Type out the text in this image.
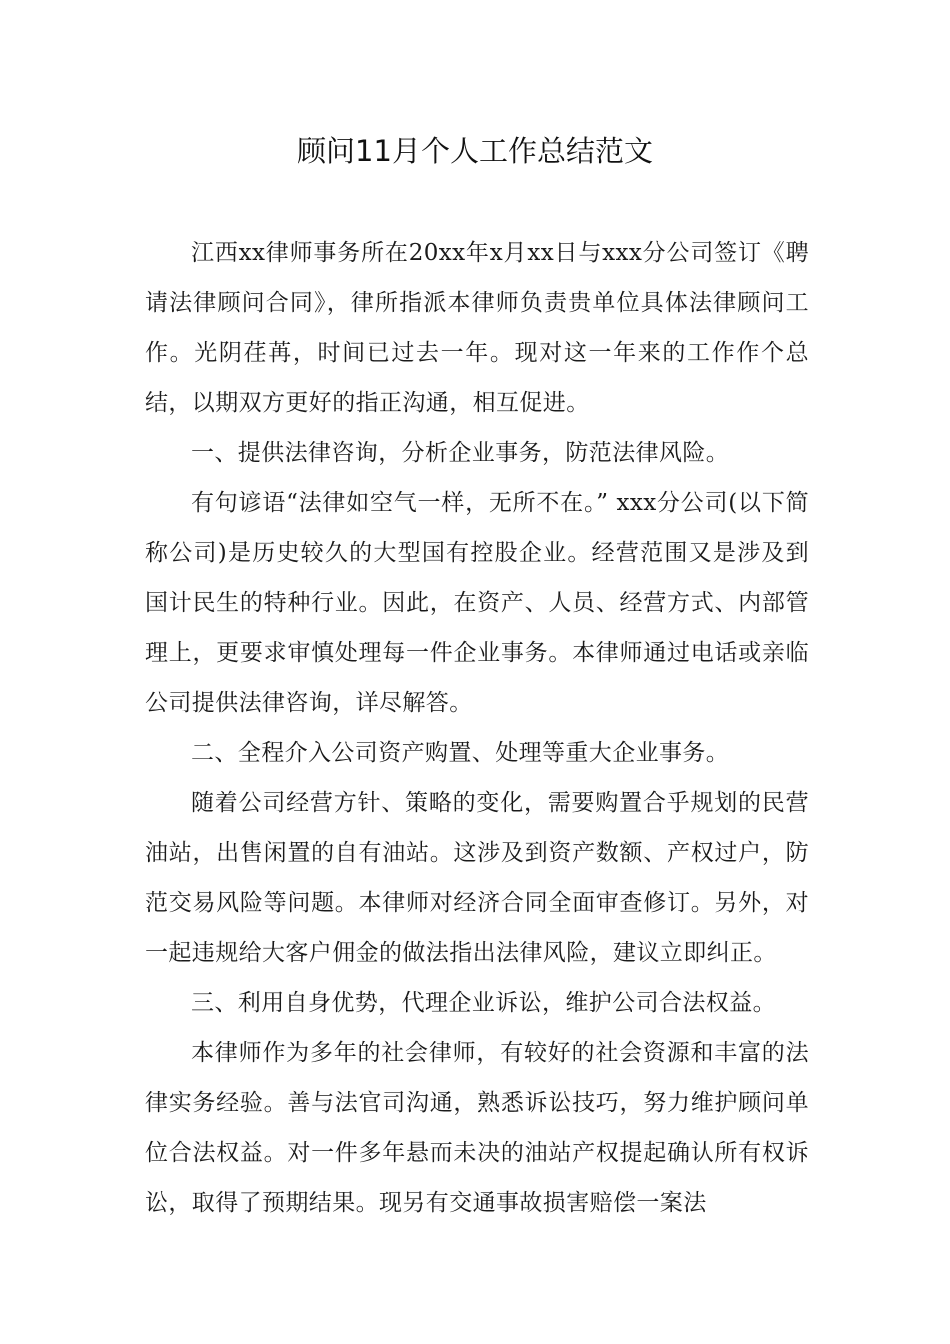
顾问11月个人工作总结范文

江西xx律师事务所在20xx年x月xx日与xxx分公司签订《聘请法律顾问合同》，律所指派本律师负责贵单位具体法律顾问工作。光阴荏苒，时间已过去一年。现对这一年来的工作作个总结，以期双方更好的指正沟通，相互促进。

一、提供法律咨询，分析企业事务，防范法律风险。

有句谚语“法律如空气一样，无所不在。” xxx分公司(以下简称公司)是历史较久的大型国有控股企业。经营范围又是涉及到国计民生的特种行业。因此，在资产、人员、经营方式、内部管理上，更要求审慎处理每一件企业事务。本律师通过电话或亲临公司提供法律咨询，详尽解答。

二、全程介入公司资产购置、处理等重大企业事务。

随着公司经营方针、策略的变化，需要购置合乎规划的民营油站，出售闲置的自有油站。这涉及到资产数额、产权过户，防范交易风险等问题。本律师对经济合同全面审查修订。另外，对一起违规给大客户佣金的做法指出法律风险，建议立即纠正。

三、利用自身优势，代理企业诉讼，维护公司合法权益。

本律师作为多年的社会律师，有较好的社会资源和丰富的法律实务经验。善与法官司沟通，熟悉诉讼技巧，努力维护顾问单位合法权益。对一件多年悬而未决的油站产权提起确认所有权诉讼，取得了预期结果。现另有交通事故损害赔偿一案法
